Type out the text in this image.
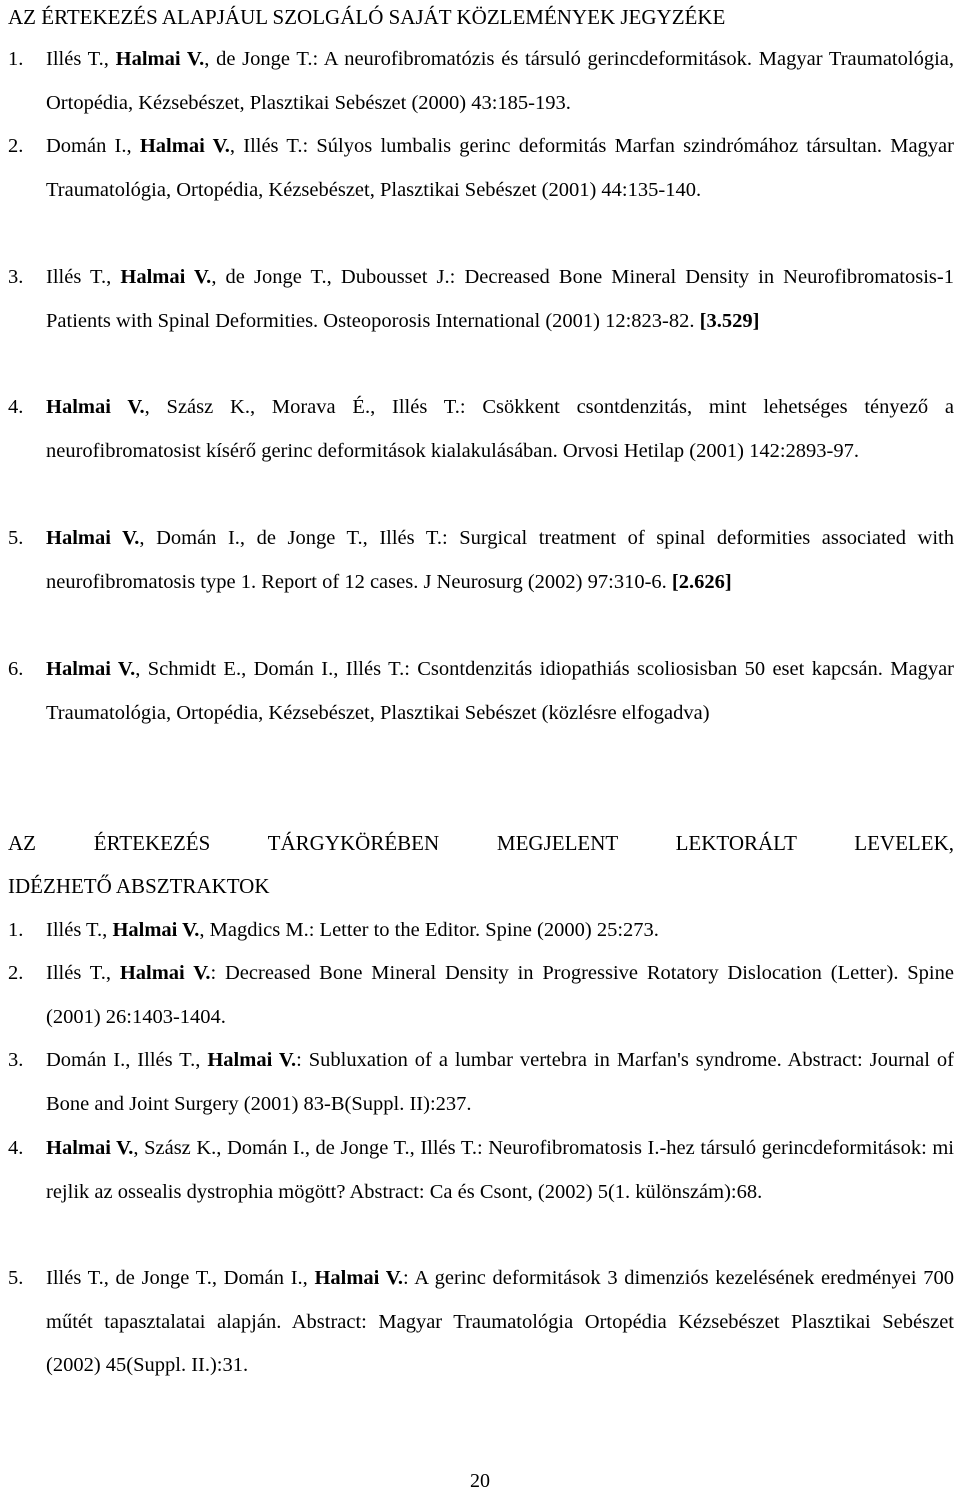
AZ ÉRTEKEZÉS ALAPJÁUL SZOLGÁLÓ SAJÁT KÖZLEMÉNYEK JEGYZÉKE
1. Illés T., Halmai V., de Jonge T.: A neurofibromatózis és társuló gerincdeformitások. Magyar Traumatológia, Ortopédia, Kézsebészet, Plasztikai Sebészet (2000) 43:185-193.
2. Domán I., Halmai V., Illés T.: Súlyos lumbalis gerinc deformitás Marfan szindrómához társultan. Magyar Traumatológia, Ortopédia, Kézsebészet, Plasztikai Sebészet (2001) 44:135-140.
3. Illés T., Halmai V., de Jonge T., Dubousset J.: Decreased Bone Mineral Density in Neurofibromatosis-1 Patients with Spinal Deformities. Osteoporosis International (2001) 12:823-82. [3.529]
4. Halmai V., Szász K., Morava É., Illés T.: Csökkent csontdenzitás, mint lehetséges tényező a neurofibromatosist kísérő gerinc deformitások kialakulásában. Orvosi Hetilap (2001) 142:2893-97.
5. Halmai V., Domán I., de Jonge T., Illés T.: Surgical treatment of spinal deformities associated with neurofibromatosis type 1. Report of 12 cases. J Neurosurg (2002) 97:310-6. [2.626]
6. Halmai V., Schmidt E., Domán I., Illés T.: Csontdenzitás idiopathiás scoliosisban 50 eset kapcsán. Magyar Traumatológia, Ortopédia, Kézsebészet, Plasztikai Sebészet (közlésre elfogadva)
AZ ÉRTEKEZÉS TÁRGYKÖRÉBEN MEGJELENT LEKTORÁLT LEVELEK,
IDÉZHETŐ ABSZTRAKTOK
1. Illés T., Halmai V., Magdics M.: Letter to the Editor. Spine (2000) 25:273.
2. Illés T., Halmai V.: Decreased Bone Mineral Density in Progressive Rotatory Dislocation (Letter). Spine (2001) 26:1403-1404.
3. Domán I., Illés T., Halmai V.: Subluxation of a lumbar vertebra in Marfan's syndrome. Abstract: Journal of Bone and Joint Surgery (2001) 83-B(Suppl. II):237.
4. Halmai V., Szász K., Domán I., de Jonge T., Illés T.: Neurofibromatosis I.-hez társuló gerincdeformitások: mi rejlik az ossealis dystrophia mögött? Abstract: Ca és Csont, (2002) 5(1. különszám):68.
5. Illés T., de Jonge T., Domán I., Halmai V.: A gerinc deformitások 3 dimenziós kezelésének eredményei 700 műtét tapasztalatai alapján. Abstract: Magyar Traumatológia Ortopédia Kézsebészet Plasztikai Sebészet (2002) 45(Suppl. II.):31.
20
